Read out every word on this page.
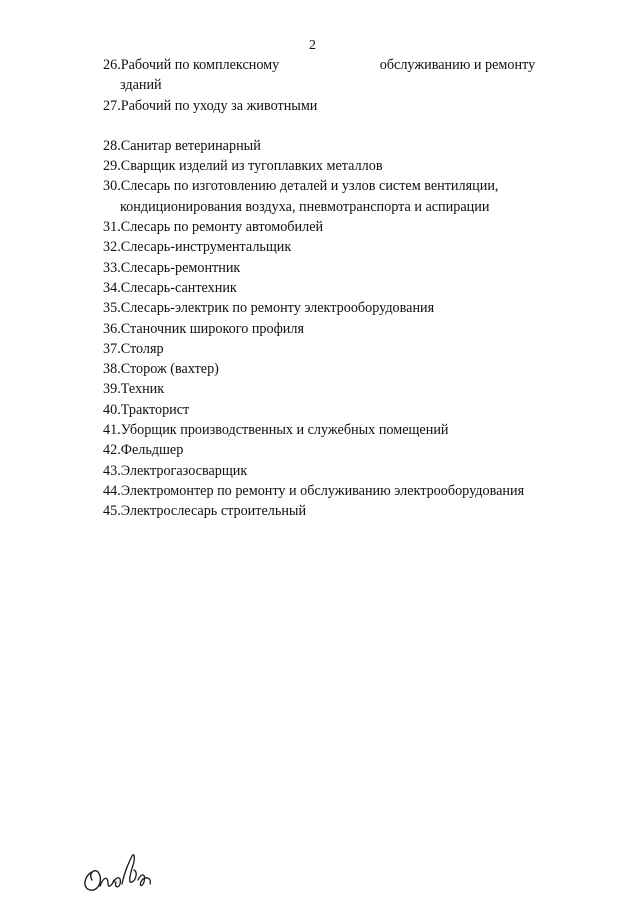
2
26.Рабочий по комплексному	обслуживанию и ремонту
зданий
27.Рабочий по уходу за животными
28.Санитар ветеринарный
29.Сварщик изделий из тугоплавких металлов
30.Слесарь по изготовлению деталей и узлов систем вентиляции,
кондиционирования воздуха, пневмотранспорта и аспирации
31.Слесарь по ремонту автомобилей
32.Слесарь-инструментальщик
33.Слесарь-ремонтник
34.Слесарь-сантехник
35.Слесарь-электрик по ремонту электрооборудования
36.Станочник широкого профиля
37.Столяр
38.Сторож (вахтер)
39.Техник
40.Тракторист
41.Уборщик производственных и служебных помещений
42.Фельдшер
43.Электрогазосварщик
44.Электромонтер по ремонту и обслуживанию электрооборудования
45.Электрослесарь строительный
